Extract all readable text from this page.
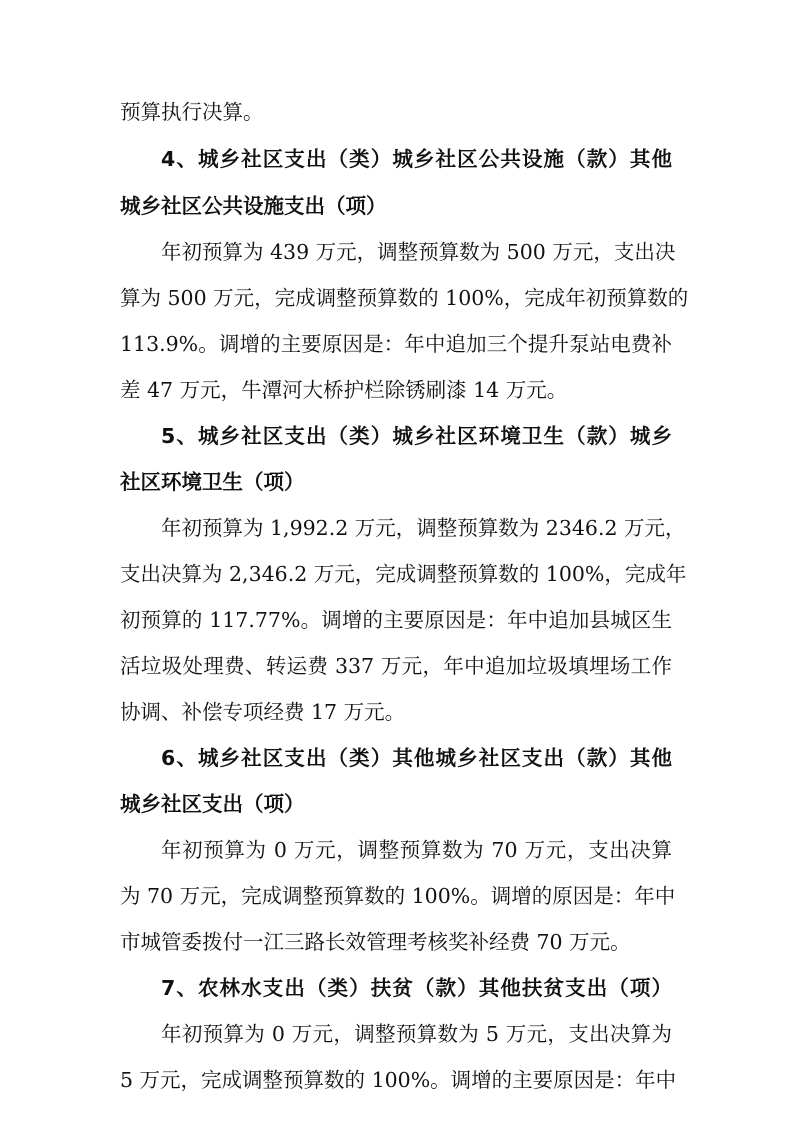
预算执行决算。
4、城乡社区支出（类）城乡社区公共设施（款）其他
城乡社区公共设施支出（项）
年初预算为 439 万元，调整预算数为 500 万元，支出决
算为 500 万元，完成调整预算数的 100%，完成年初预算数的
113.9%。调增的主要原因是：年中追加三个提升泵站电费补
差 47 万元，牛潭河大桥护栏除锈刷漆 14 万元。
5、城乡社区支出（类）城乡社区环境卫生（款）城乡
社区环境卫生（项）
年初预算为 1,992.2 万元，调整预算数为 2346.2 万元，
支出决算为 2,346.2 万元，完成调整预算数的 100%，完成年
初预算的 117.77%。调增的主要原因是：年中追加县城区生
活垃圾处理费、转运费 337 万元，年中追加垃圾填埋场工作
协调、补偿专项经费 17 万元。
6、城乡社区支出（类）其他城乡社区支出（款）其他
城乡社区支出（项）
年初预算为 0 万元，调整预算数为 70 万元，支出决算
为 70 万元，完成调整预算数的 100%。调增的原因是：年中
市城管委拨付一江三路长效管理考核奖补经费 70 万元。
7、农林水支出（类）扶贫（款）其他扶贫支出（项）
年初预算为 0 万元，调整预算数为 5 万元，支出决算为
5 万元，完成调整预算数的 100%。调增的主要原因是：年中
